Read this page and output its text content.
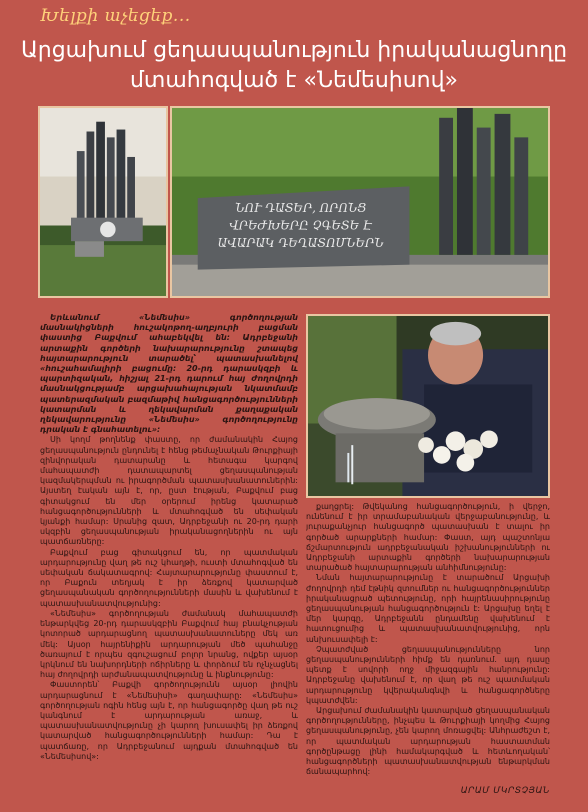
Խելքի աչեցեք...
Արցախում ցեղասպանություն իրականացնողը
մտահոգված է «Նեմեսիսով»
ՆՈՒ ԴԱՏԵՐ, ՈՐՈՆՑ
ՎՐԵԺԽԵՐԸ ՉԳԵՏԵ Է
ԱՎԱՐԱԿ ԴԵՂԱՏՈՄՆԵՐՆ

Երևանում «Նեմեսիս» գործողության մասնակիցների հուշակոթող-աղբյուրի բացման փաստից Բաքվում ահաբեկվել են: Ադրբեջանի արտաքին գործերի նախարարությունը շտապեց հայտարարություն տարածել՝ պատասխանելով «հուշահամալիրի բացումը: 20-րդ դարասկզբի և պարտիզական, հիշյալ 21-րդ դարում հայ ժողովրդի մասնակցությամբ արցախահայության նկատմամբ պատերազմական բազմաթիվ հանցագործությունների կատարման և ղեկավարման քաղաքական ղեկավարությունը «Նեմեսիս» գործողությունը դրական է գնահատելու»:

Սի կողմ թողնենք փաստը, որ ժամանակին Հայոց ցեղասպանություն ընդունել է հենց թեմաչնական Թուրքիայի զինվորական դատարանը և հետագա կարգով մահապատժի դատապարտել ցեղասպանության կազմակերպման ու իրագործման պատասխանատուներին: Այստեղ էական այն է, որ, ըստ էության, Բաքվում բաց գիտակցում են մեր օրերում իրենց կատարած հանցագործությունների և մտահոգված են սեփական կյանքի համար: Սրանից զատ, Ադրբեջանի ու 20-րդ դարի սկզբին ցեղասպանության իրականացողներին ու այն պատճառները:

Բաքվում բաց գիտակցում են, որ պատմական արդարությունը վաղ թե ուշ կհաղթի, ուստի մտահոգված են սեփական ճակատագրով: Հայտարարությունը փաստում է, որ Բաքուն տեղյակ է իր ձեռքով կատարված ցեղասպանական գործողությունների մասին և վախենում է պատասխանատվությունից:

«Նեմեսիս» գործողության ժամանակ մահապատժի ենթարկվեց 20-րդ դարասկզբին Բաքվում հայ բնակչության կոտորած արդարացնող պատասխանատուները մեկ առ մեկ: Այսօր հայրենիքին արդարության մեծ պահանջը ծառայում է որպես զգուշացում բոլոր նրանց, ովքեր այսօր կրկնում են նախորդների ոճիրները և փորձում են ոչնչացնել հայ ժողովրդի արժանապատվությունը և ինքնությունը:

Փաստորեն՝ Բաքվի գործողությունն այսօր լիովին արդարացնում է «Նեմեսիսի» գաղափարը: «Նեմեսիս» գործողության ոգին հենց այն է, որ հանցագործը վաղ թե ուշ կանգնում է արդարության առաջ, և պատասխանատվությունը չի կարող խուսափել իր ձեռքով կատարված հանցագործությունների համար: Դա է պատճառը, որ Ադրբեջանում այդքան մտահոգված են «Նեմեսիսով»:

քաղցրել: Թվեկանոց հանցագործություն, ի վերջո, ունենում է իր տրամաբանական վերջաբանությունը, և յուրաքանչյուր հանցագործ պատասխան է տալու իր գործած արարքների համար: Փաստ, այդ պաշտոնյա ճշմարտություն ադրբեջանական իշխանությունների ու Ադրբեջանի արտաքին գործերի նախարարության տարածած հայտարարության անհիմնությունը:

Նման հայտարարությունը է տարածում Արցախի ժողովրդի դեմ էթնիկ զտումներ ու հանցագործություններ իրականացրած պետությունը, որի հայրենասիրությունը ցեղասպանության հանցագործություն է: Արցախը եղել է մեր կարգը, Ադրբեջանն ընդամենը վախենում է հատուցումից և պատասխանատվությունից, որն անխուսափելի է:

Չպատժված ցեղասպանությունները նոր ցեղասպանությունների հիմք են դառնում. այդ դասը պետք է սովորի ողջ միջազգային հանրությունը: Ադրբեջանը վախենում է, որ վաղ թե ուշ պատմական արդարությունը կվերականգնվի և հանցագործները կպատժվեն:

Արցախում ժամանակին կատարված ցեղասպանական գործողությունները, ինչպես և Թուրքիայի կողմից Հայոց ցեղասպանությունը, չեն կարող մոռացվել: Անհրաժեշտ է, որ պատմական արդարության հաստատման գործընթացը լինի համակարգված և հետևողական՝ հանցագործների պատասխանատվության ենթարկման ճանապարհով:

ԱՐԱՄ ՄԿՐՏՉՅԱՆ
